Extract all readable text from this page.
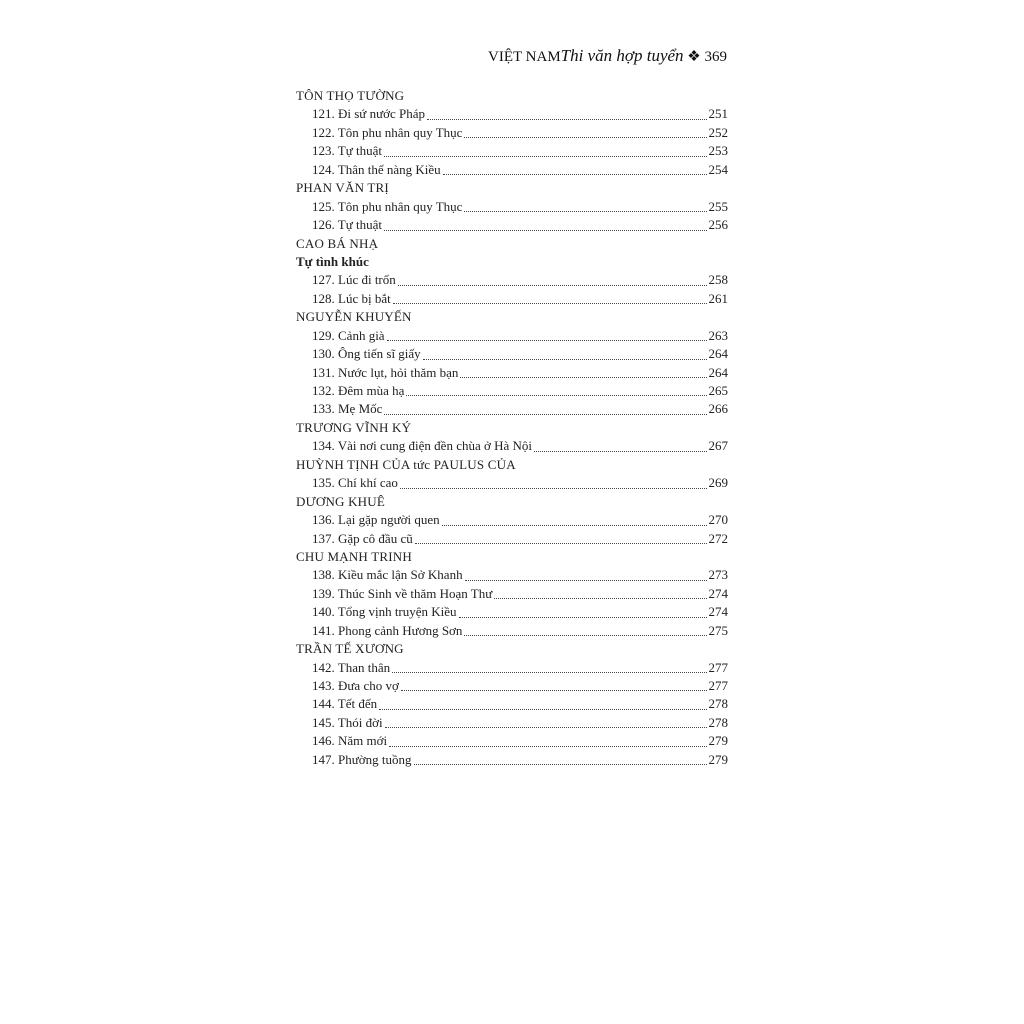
VIỆT NAMThi văn hợp tuyển ❖ 369
TÔN THỌ TƯỜNG
121. Đi sứ nước Pháp	251
122. Tôn phu nhân quy Thục	252
123. Tự thuật	253
124. Thân thế nàng Kiều	254
PHAN VĂN TRỊ
125. Tôn phu nhân quy Thục	255
126. Tự thuật	256
CAO BÁ NHẠ
Tự tình khúc
127. Lúc đi trốn	258
128. Lúc bị bắt	261
NGUYỄN KHUYẾN
129. Cảnh già	263
130. Ông tiến sĩ giấy	264
131. Nước lụt, hỏi thăm bạn	264
132. Đêm mùa hạ	265
133. Mẹ Mốc	266
TRƯƠNG VĨNH KÝ
134. Vài nơi cung điện đền chùa ở Hà Nội	267
HUỲNH TỊNH CỦA tức PAULUS CỦA
135. Chí khí cao	269
DƯƠNG KHUÊ
136. Lại gặp người quen	270
137. Gặp cô đầu cũ	272
CHU MẠNH TRINH
138. Kiều mắc lận Sở Khanh	273
139. Thúc Sinh về thăm Hoạn Thư	274
140. Tổng vịnh truyện Kiều	274
141. Phong cảnh Hương Sơn	275
TRẦN TẾ XƯƠNG
142. Than thân	277
143. Đưa cho vợ	277
144. Tết đến	278
145. Thói đời	278
146. Năm mới	279
147. Phường tuồng	279
